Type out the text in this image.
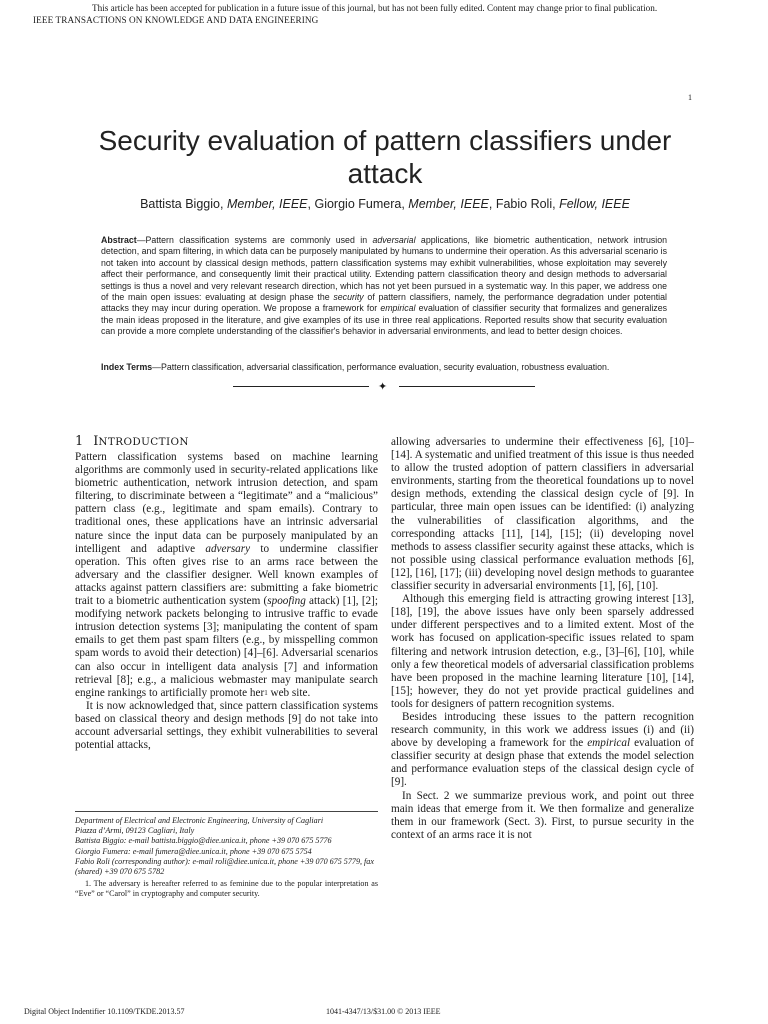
This article has been accepted for publication in a future issue of this journal, but has not been fully edited. Content may change prior to final publication.
IEEE TRANSACTIONS ON KNOWLEDGE AND DATA ENGINEERING
1
Security evaluation of pattern classifiers under attack
Battista Biggio, Member, IEEE, Giorgio Fumera, Member, IEEE, Fabio Roli, Fellow, IEEE
Abstract—Pattern classification systems are commonly used in adversarial applications, like biometric authentication, network intrusion detection, and spam filtering, in which data can be purposely manipulated by humans to undermine their operation. As this adversarial scenario is not taken into account by classical design methods, pattern classification systems may exhibit vulnerabilities, whose exploitation may severely affect their performance, and consequently limit their practical utility. Extending pattern classification theory and design methods to adversarial settings is thus a novel and very relevant research direction, which has not yet been pursued in a systematic way. In this paper, we address one of the main open issues: evaluating at design phase the security of pattern classifiers, namely, the performance degradation under potential attacks they may incur during operation. We propose a framework for empirical evaluation of classifier security that formalizes and generalizes the main ideas proposed in the literature, and give examples of its use in three real applications. Reported results show that security evaluation can provide a more complete understanding of the classifier's behavior in adversarial environments, and lead to better design choices.
Index Terms—Pattern classification, adversarial classification, performance evaluation, security evaluation, robustness evaluation.
✦
1 INTRODUCTION

Pattern classification systems based on machine learning algorithms are commonly used in security-related applications like biometric authentication, network intrusion detection, and spam filtering, to discriminate between a “legitimate” and a “malicious” pattern class (e.g., legitimate and spam emails). Contrary to traditional ones, these applications have an intrinsic adversarial nature since the input data can be purposely manipulated by an intelligent and adaptive adversary to undermine classifier operation. This often gives rise to an arms race between the adversary and the classifier designer. Well known examples of attacks against pattern classifiers are: submitting a fake biometric trait to a biometric authentication system (spoofing attack) [1], [2]; modifying network packets belonging to intrusive traffic to evade intrusion detection systems [3]; manipulating the content of spam emails to get them past spam filters (e.g., by misspelling common spam words to avoid their detection) [4]–[6]. Adversarial scenarios can also occur in intelligent data analysis [7] and information retrieval [8]; e.g., a malicious webmaster may manipulate search engine rankings to artificially promote her$^1$ web site.

It is now acknowledged that, since pattern classification systems based on classical theory and design methods [9] do not take into account adversarial settings, they exhibit vulnerabilities to several potential attacks,

Department of Electrical and Electronic Engineering, University of Cagliari
Piazza d’Armi, 09123 Cagliari, Italy
Battista Biggio: e-mail battista.biggio@diee.unica.it, phone +39 070 675 5776
Giorgio Fumera: e-mail fumera@diee.unica.it, phone +39 070 675 5754
Fabio Roli (corresponding author): e-mail roli@diee.unica.it, phone +39 070 675 5779, fax (shared) +39 070 675 5782
1. The adversary is hereafter referred to as feminine due to the popular interpretation as “Eve” or “Carol” in cryptography and computer security.

allowing adversaries to undermine their effectiveness [6], [10]–[14]. A systematic and unified treatment of this issue is thus needed to allow the trusted adoption of pattern classifiers in adversarial environments, starting from the theoretical foundations up to novel design methods, extending the classical design cycle of [9]. In particular, three main open issues can be identified: (i) analyzing the vulnerabilities of classification algorithms, and the corresponding attacks [11], [14], [15]; (ii) developing novel methods to assess classifier security against these attacks, which is not possible using classical performance evaluation methods [6], [12], [16], [17]; (iii) developing novel design methods to guarantee classifier security in adversarial environments [1], [6], [10].

Although this emerging field is attracting growing interest [13], [18], [19], the above issues have only been sparsely addressed under different perspectives and to a limited extent. Most of the work has focused on application-specific issues related to spam filtering and network intrusion detection, e.g., [3]–[6], [10], while only a few theoretical models of adversarial classification problems have been proposed in the machine learning literature [10], [14], [15]; however, they do not yet provide practical guidelines and tools for designers of pattern recognition systems.

Besides introducing these issues to the pattern recognition research community, in this work we address issues (i) and (ii) above by developing a framework for the empirical evaluation of classifier security at design phase that extends the model selection and performance evaluation steps of the classical design cycle of [9].

In Sect. 2 we summarize previous work, and point out three main ideas that emerge from it. We then formalize and generalize them in our framework (Sect. 3). First, to pursue security in the context of an arms race it is not

Digital Object Indentifier 10.1109/TKDE.2013.57	1041-4347/13/$31.00 © 2013 IEEE
